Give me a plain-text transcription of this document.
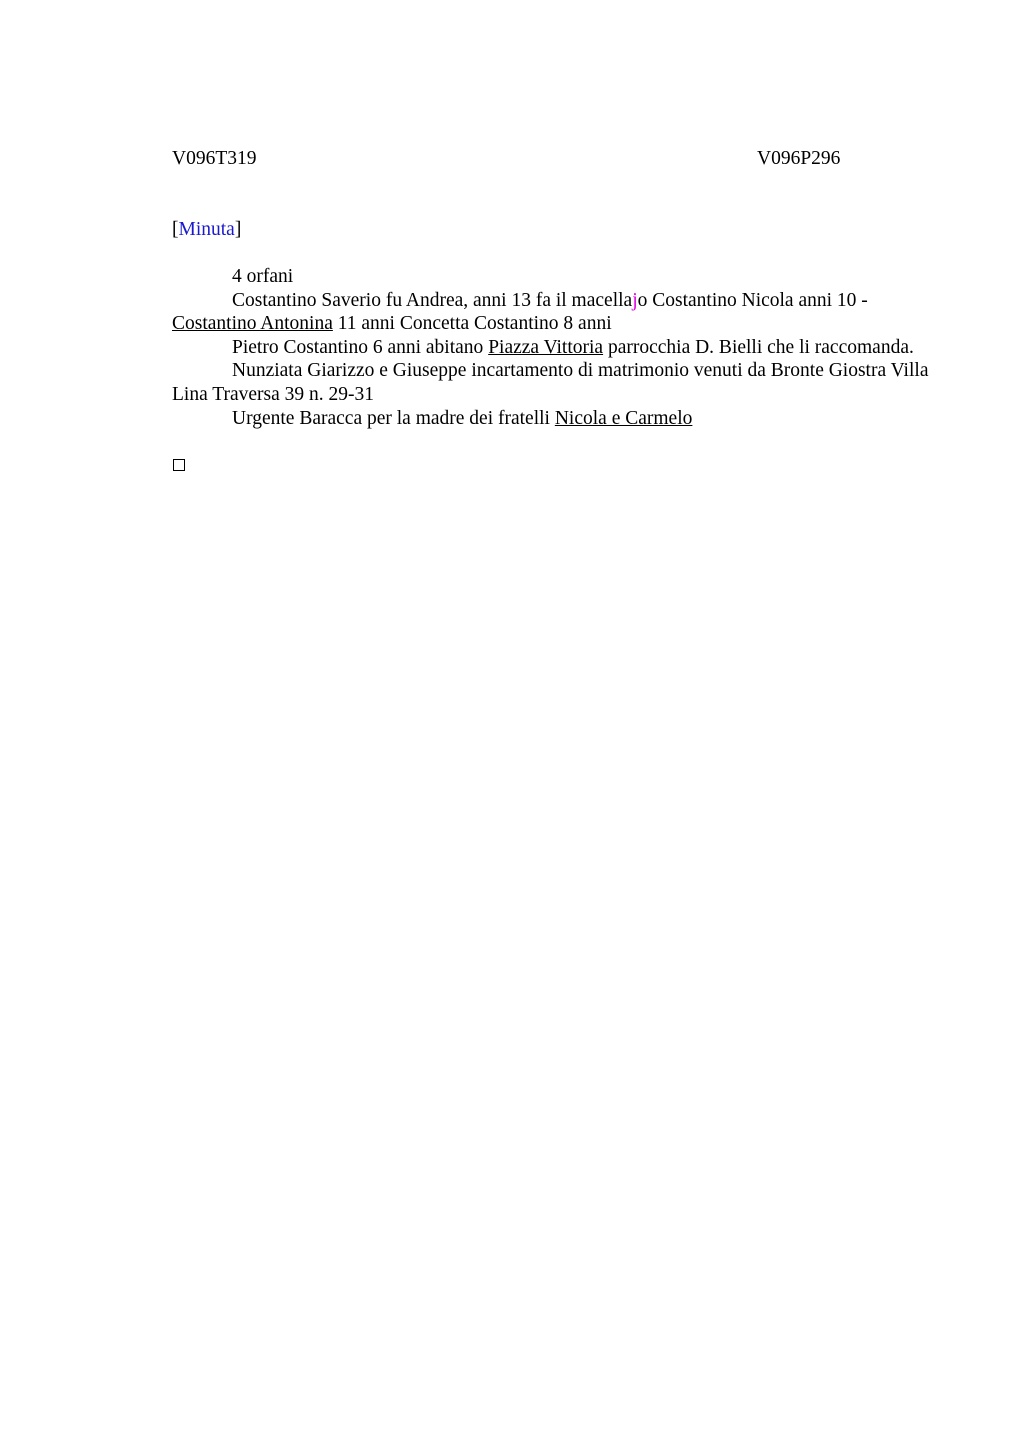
V096T319	V096P296
[Minuta]

4 orfani

Costantino Saverio fu Andrea, anni 13 fa il macellajo Costantino Nicola anni 10 - Costantino Antonina 11 anni Concetta Costantino 8 anni

Pietro Costantino 6 anni abitano Piazza Vittoria parrocchia D. Bielli che li raccomanda.

Nunziata Giarizzo e Giuseppe incartamento di matrimonio venuti da Bronte Giostra Villa Lina Traversa 39 n. 29-31

Urgente Baracca per la madre dei fratelli Nicola e Carmelo
